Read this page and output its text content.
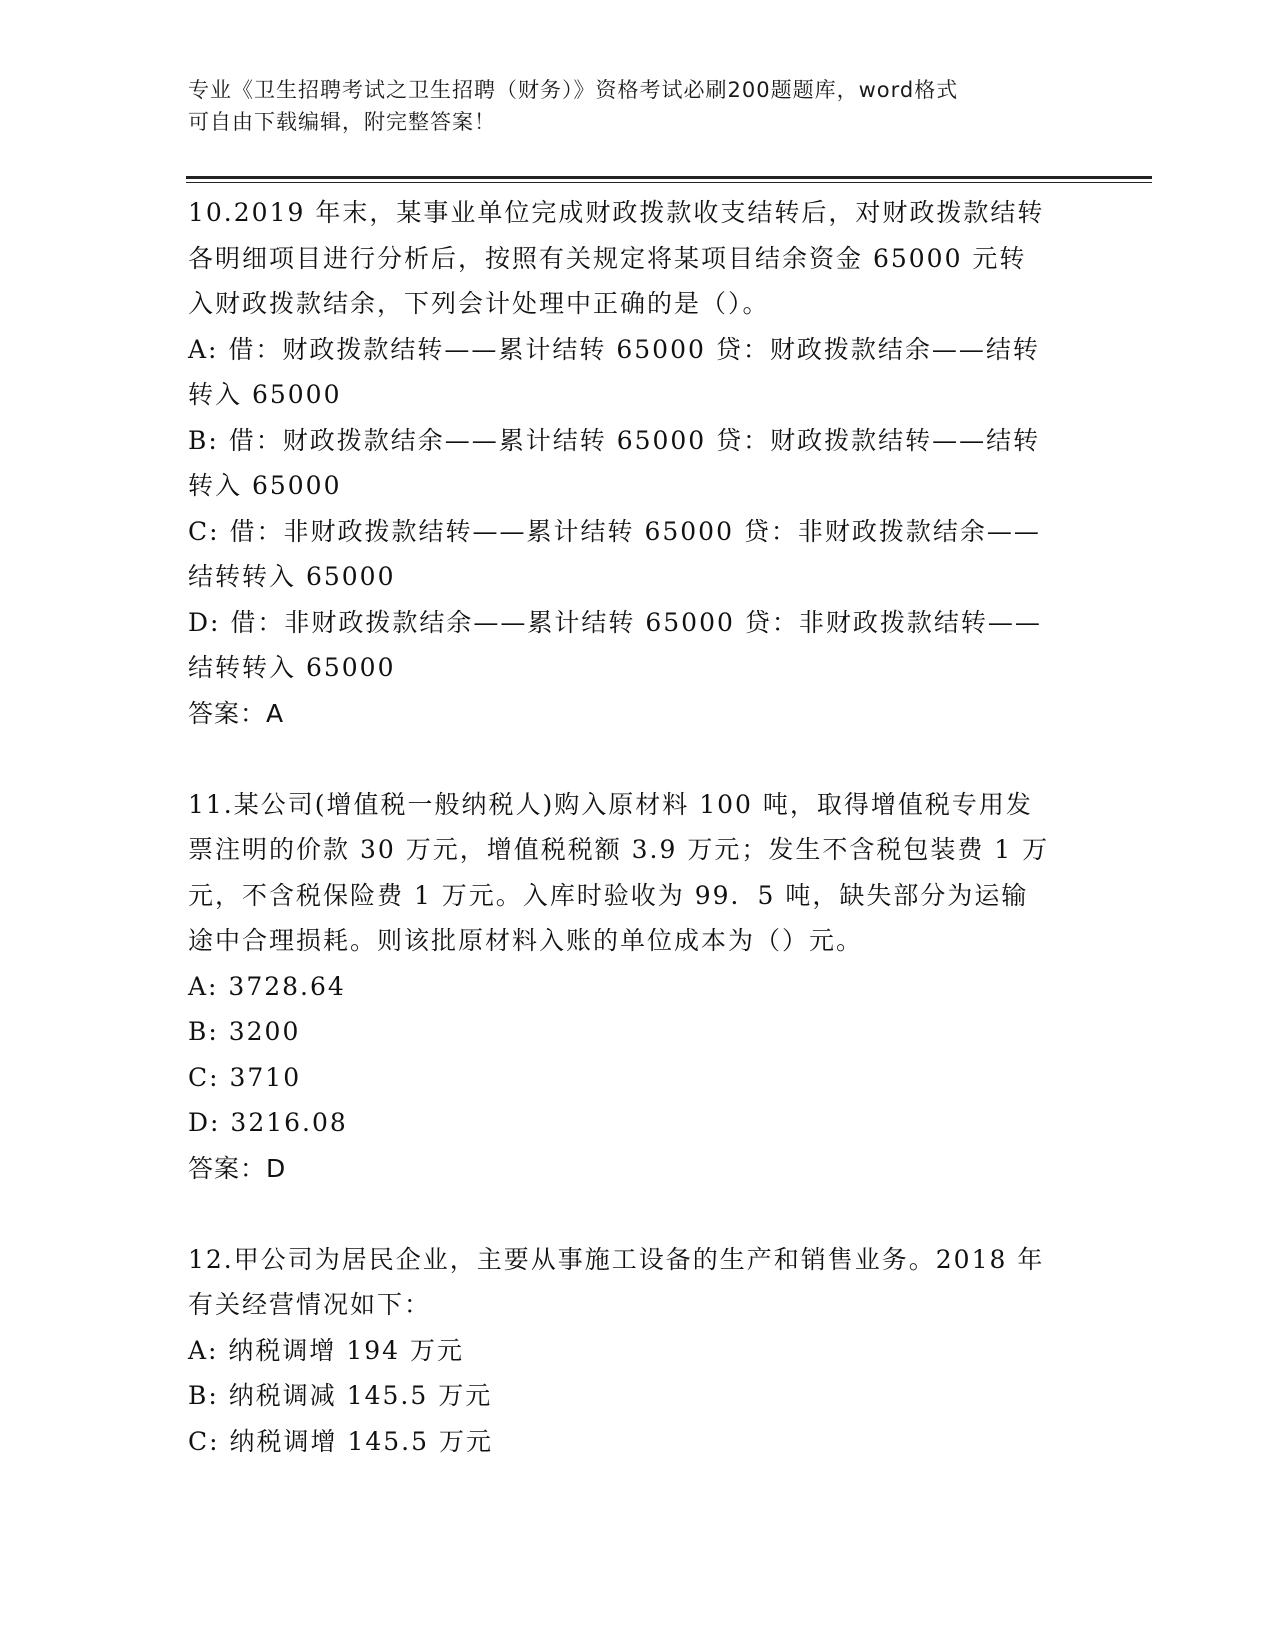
专业《卫生招聘考试之卫生招聘（财务）》资格考试必刷200题题库，word格式
可自由下载编辑，附完整答案！

10.2019 年末，某事业单位完成财政拨款收支结转后，对财政拨款结转

各明细项目进行分析后，按照有关规定将某项目结余资金 65000 元转

入财政拨款结余，下列会计处理中正确的是（）。

A: 借：财政拨款结转——累计结转 65000 贷：财政拨款结余——结转

转入 65000

B: 借：财政拨款结余——累计结转 65000 贷：财政拨款结转——结转

转入 65000

C: 借：非财政拨款结转——累计结转 65000 贷：非财政拨款结余——

结转转入 65000

D: 借：非财政拨款结余——累计结转 65000 贷：非财政拨款结转——

结转转入 65000

答案：A

11.某公司(增值税一般纳税人)购入原材料 100 吨，取得增值税专用发

票注明的价款 30 万元，增值税税额 3.9 万元；发生不含税包装费 1 万

元，不含税保险费 1 万元。入库时验收为 99．5 吨，缺失部分为运输

途中合理损耗。则该批原材料入账的单位成本为（）元。

A: 3728.64

B: 3200

C: 3710

D: 3216.08

答案：D

12.甲公司为居民企业，主要从事施工设备的生产和销售业务。2018 年

有关经营情况如下：

A: 纳税调增 194 万元

B: 纳税调减 145.5 万元

C: 纳税调增 145.5 万元
